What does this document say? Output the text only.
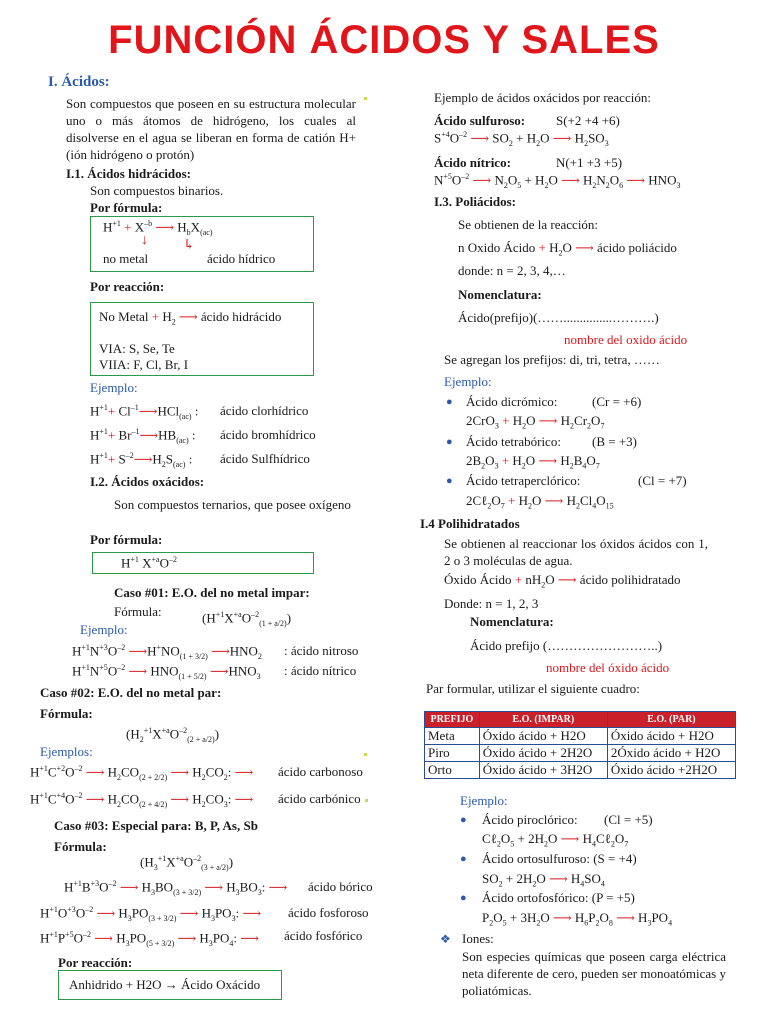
FUNCIÓN ÁCIDOS Y SALES
I. Ácidos:
Son compuestos que poseen en su estructura molecular uno o más átomos de hidrógeno, los cuales al disolverse en el agua se liberan en forma de catión H+(ión hidrógeno o protón)
I.1. Ácidos hidrácidos:
Son compuestos binarios.
Por fórmula:
$H^{+1} + X^{-b}$ ⟶ $H_bX_{(ac)}$
↓	↳
no metal	ácido hídrico
Por reacción:
No Metal + $H_2$ ⟶ ácido hidrácido
VIA: S, Se, Te
VIIA: F, Cl, Br, I
Ejemplo:
$H^{+1}+$ $Cl^{-1}⟶HCl_{(ac)}$ : ácido clorhídrico
$H^{+1}+$ $Br^{-1}⟶HB_{(ac)}$ : ácido bromhídrico
$H^{+1}+$ $S^{-2}⟶H_2S_{(ac)}$ : ácido Sulfhídrico
I.2. Ácidos oxácidos:
Son compuestos ternarios, que posee oxígeno
Por fórmula:
$H^{+1}$ $X^{+a}O^{-2}$
Caso #01: E.O. del no metal impar:
Fórmula:	$(H^{+1}X^{+a}O^{-2}_{(1 + a/2)})$
Ejemplo:
$H^{+1}N^{+3}O^{-2}$ $⟶H^+NO_{(1 + 3/2)}$ $⟶HNO_2$ : ácido nitroso
$H^{+1}N^{+5}O^{-2}$ ⟶ $HNO_{(1 + 5/2)}$ $⟶HNO_3$ : ácido nítrico
Caso #02: E.O. del no metal par:
Fórmula:
$(H_2^{+1}X^{+a}O^{-2}_{(2 + a/2)})$
Ejemplos:
$H^{+1}C^{+2}O^{-2}$ ⟶ $H_2CO_{(2 + 2/2)}$ ⟶ $H_2CO_2$: ⟶ ácido carbonoso
$H^{+1}C^{+4}O^{-2}$ ⟶ $H_2CO_{(2 + 4/2)}$ ⟶ $H_2CO_3$: ⟶ ácido carbónico
Caso #03: Especial para: B, P, As, Sb
Fórmula:
$(H_3^{+1}X^{+a}O^{-2}_{(3 + a/2)})$
$H^{+1}B^{+3}O^{-2}$ ⟶ $H_3BO_{(3 + 3/2)}$ ⟶ $H_3BO_3$: ⟶ ácido bórico
$H^{+1}O^{+3}O^{-2}$ ⟶ $H_3PO_{(3 + 3/2)}$ ⟶ $H_3PO_3$: ⟶ ácido fosforoso
$H^{+1}P^{+5}O^{-2}$ ⟶ $H_3PO_{(5 + 3/2)}$ ⟶ $H_3PO_4$: ⟶ ácido fosfórico
Por reacción:
Anhidrido + H2O → Ácido Oxácido
Ejemplo de ácidos oxácidos por reacción:
Ácido sulfuroso: S(+2 +4 +6)
$S^{+4}O^{-2}$ ⟶ $SO_2 + H_2O$ ⟶ $H_2SO_3$
Ácido nítrico:	N(+1 +3 +5)
$N^{+5}O^{-2}$ ⟶ $N_2O_5 + H_2O$ ⟶ $H_2N_2O_6$ ⟶ $HNO_3$
I.3. Poliácidos:
Se obtienen de la reacción:
n Oxido Ácido + $H_2O$ ⟶ ácido poliácido
donde: n = 2, 3, 4,…
Nomenclatura:
Ácido(prefijo)(……...............……….)
nombre del oxido ácido
Se agregan los prefijos: di, tri, tetra, ……
Ejemplo:
● Ácido dicrómico:	(Cr = +6)
$2CrO_3 + H_2O$ ⟶ $H_2Cr_2O_7$
● Ácido tetrabórico: (B = +3)
$2B_2O_3 + H_2O$ ⟶ $H_2B_4O_7$
● Ácido tetraperclórico:	(Cl = +7)
$2C\ell_2O_7 + H_2O$ ⟶ $H_2Cl_4O_{15}$
I.4 Polihidratados
Se obtienen al reaccionar los óxidos ácidos con 1, 2 o 3 moléculas de agua.
Óxido Ácido + $nH_2O$ ⟶ ácido polihidratado
Donde: n = 1, 2, 3
Nomenclatura:
Ácido prefijo (……………………..)
nombre del óxido ácido
Par formular, utilizar el siguiente cuadro:
PREFIJO	E.O. (IMPAR)	E.O. (PAR)
Meta	Óxido ácido + H2O	Óxido ácido + H2O
Piro	Óxido ácido + 2H2O	2Óxido ácido + H2O
Orto	Óxido ácido + 3H2O	Óxido ácido +2H2O
Ejemplo:
● Ácido piroclórico: (Cl = +5)
$C\ell_2O_5 + 2H_2O$ ⟶ $H_4C\ell_2O_7$
● Ácido ortosulfuroso: (S = +4)
$SO_2 + 2H_2O$ ⟶ $H_4SO_4$
● Ácido ortofosfórico: (P = +5)
$P_2O_5 + 3H_2O$ ⟶ $H_6P_2O_8$ ⟶ $H_3PO_4$
❖ Iones:
Son especies químicas que poseen carga eléctrica neta diferente de cero, pueden ser monoatómicas y poliatómicas.
